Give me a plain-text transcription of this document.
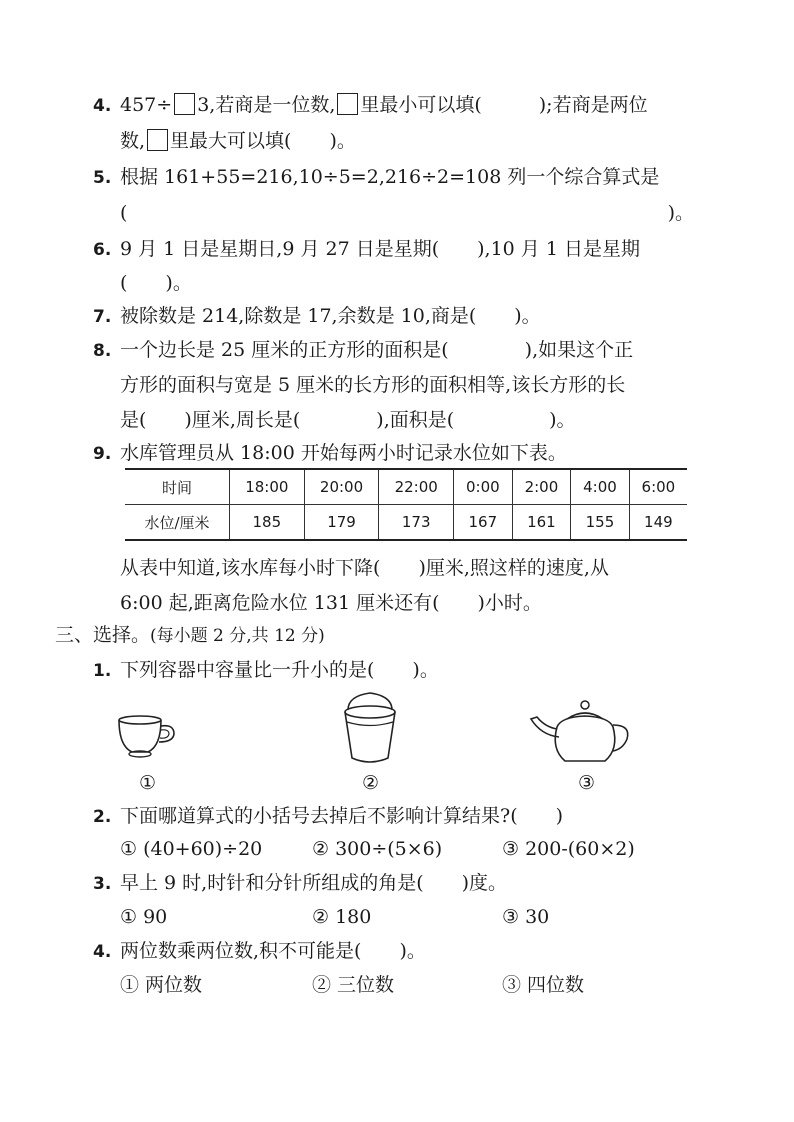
4. 457÷ 3,若商是一位数, 里最小可以填(　　　);若商是两位
数, 里最大可以填(　　)。
5. 根据 161+55=216,10÷5=2,216÷2=108 列一个综合算式是
(	)。
6. 9 月 1 日是星期日,9 月 27 日是星期(　　),10 月 1 日是星期
(　　)。
7. 被除数是 214,除数是 17,余数是 10,商是(　　)。
8. 一个边长是 25 厘米的正方形的面积是(　　　　),如果这个正
方形的面积与宽是 5 厘米的长方形的面积相等,该长方形的长
是(　　)厘米,周长是(　　　　),面积是(　　　　　)。
9. 水库管理员从 18:00 开始每两小时记录水位如下表。
时间	18:00	20:00	22:00	0:00	2:00	4:00	6:00
水位/厘米	185	179	173	167	161	155	149
从表中知道,该水库每小时下降(　　)厘米,照这样的速度,从
6:00 起,距离危险水位 131 厘米还有(　　)小时。
三、选择。(每小题 2 分,共 12 分)
1. 下列容器中容量比一升小的是(　　)。
①	②	③
2. 下面哪道算式的小括号去掉后不影响计算结果?(　　)
① (40+60)÷20	② 300÷(5×6)	③ 200-(60×2)
3. 早上 9 时,时针和分针所组成的角是(　　)度。
① 90	② 180	③ 30
4. 两位数乘两位数,积不可能是(　　)。
① 两位数	② 三位数	③ 四位数
